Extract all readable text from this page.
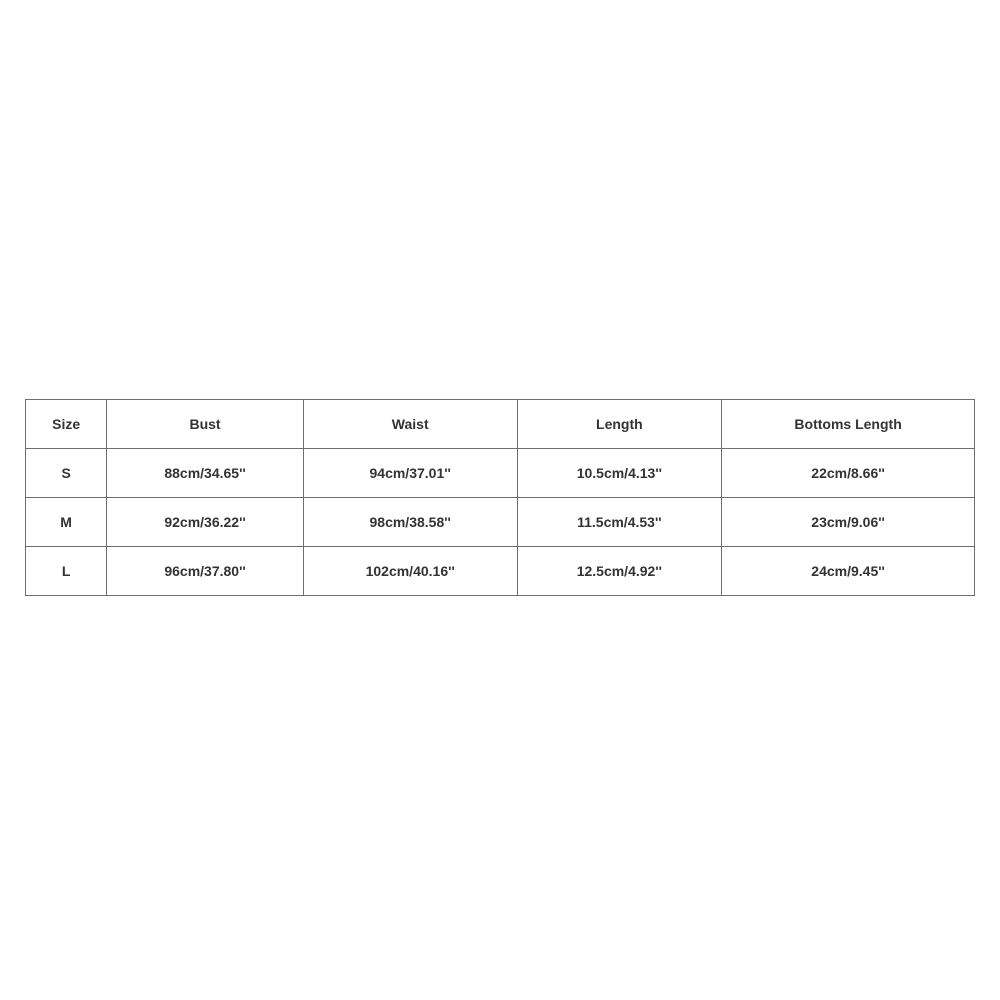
Size	Bust	Waist	Length	Bottoms Length
S	88cm/34.65''	94cm/37.01''	10.5cm/4.13''	22cm/8.66''
M	92cm/36.22''	98cm/38.58''	11.5cm/4.53''	23cm/9.06''
L	96cm/37.80''	102cm/40.16''	12.5cm/4.92''	24cm/9.45''
